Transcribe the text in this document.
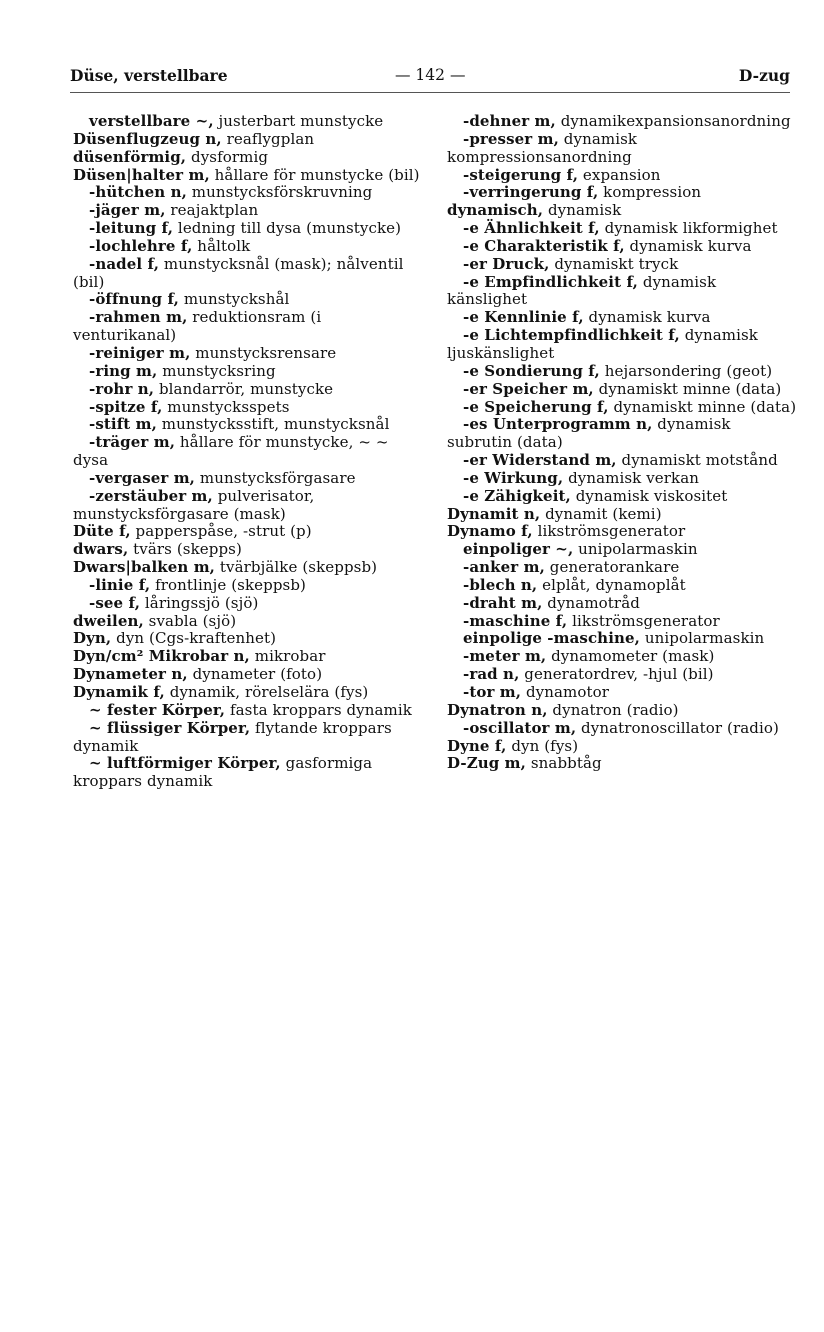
Düse, verstellbare	— 142 —	D-zug
verstellbare ~, justerbart munstycke
Düsenflugzeug n, reaflygplan
düsenförmig, dysformig
Düsen|halter m, hållare för munstycke (bil)
-hütchen n, munstycksförskruvning
-jäger m, reajaktplan
-leitung f, ledning till dysa (munstycke)
-lochlehre f, håltolk
-nadel f, munstycksnål (mask); nålventil (bil)
-öffnung f, munstyckshål
-rahmen m, reduktionsram (i venturikanal)
-reiniger m, munstycksrensare
-ring m, munstycksring
-rohr n, blandarrör, munstycke
-spitze f, munstycksspets
-stift m, munstycksstift, munstycksnål
-träger m, hållare för munstycke, ~ ~ dysa
-vergaser m, munstycksförgasare
-zerstäuber m, pulverisator, munstycksförgasare (mask)
Düte f, papperspåse, -strut (p)
dwars, tvärs (skepps)
Dwars|balken m, tvärbjälke (skeppsb)
-linie f, frontlinje (skeppsb)
-see f, låringssjö (sjö)
dweilen, svabla (sjö)
Dyn, dyn (Cgs-kraftenhet)
Dyn/cm² Mikrobar n, mikrobar
Dynameter n, dynameter (foto)
Dynamik f, dynamik, rörelselära (fys)
~ fester Körper, fasta kroppars dynamik
~ flüssiger Körper, flytande kroppars dynamik
~ luftförmiger Körper, gasformiga kroppars dynamik
-dehner m, dynamikexpansionsanordning
-presser m, dynamisk kompressionsanordning
-steigerung f, expansion
-verringerung f, kompression
dynamisch, dynamisk
-e Ähnlichkeit f, dynamisk likformighet
-e Charakteristik f, dynamisk kurva
-er Druck, dynamiskt tryck
-e Empfindlichkeit f, dynamisk känslighet
-e Kennlinie f, dynamisk kurva
-e Lichtempfindlichkeit f, dynamisk ljuskänslighet
-e Sondierung f, hejarsondering (geot)
-er Speicher m, dynamiskt minne (data)
-e Speicherung f, dynamiskt minne (data)
-es Unterprogramm n, dynamisk subrutin (data)
-er Widerstand m, dynamiskt motstånd
-e Wirkung, dynamisk verkan
-e Zähigkeit, dynamisk viskositet
Dynamit n, dynamit (kemi)
Dynamo f, likströmsgenerator
einpoliger ~, unipolarmaskin
-anker m, generatorankare
-blech n, elplåt, dynamoplåt
-draht m, dynamotråd
-maschine f, likströmsgenerator
einpolige -maschine, unipolarmaskin
-meter m, dynamometer (mask)
-rad n, generatordrev, -hjul (bil)
-tor m, dynamotor
Dynatron n, dynatron (radio)
-oscillator m, dynatronoscillator (radio)
Dyne f, dyn (fys)
D-Zug m, snabbtåg
